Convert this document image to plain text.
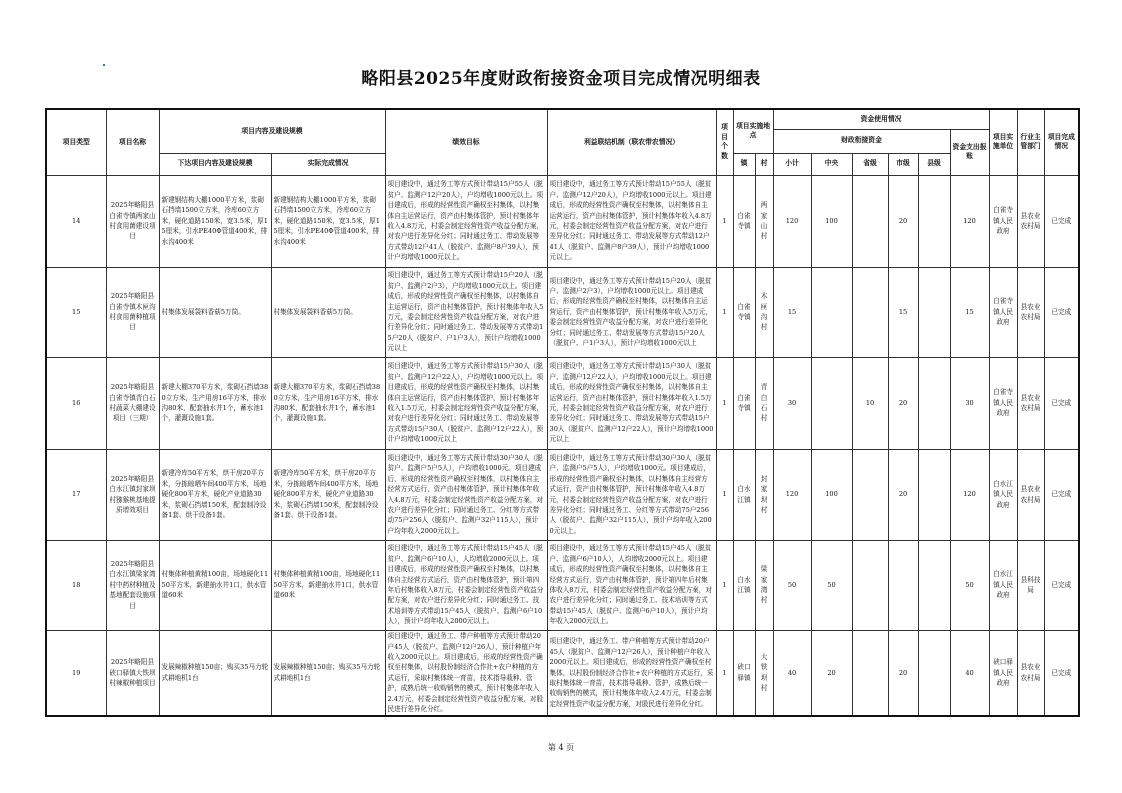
略阳县2025年度财政衔接资金项目完成情况明细表
项目类型	项目名称	项目内容及建设规模		绩效目标	利益联结机制（联农带农情况）	项目个数	项目实施地点		资金使用情况						项目实施单位	行业主管部门	项目完成情况
									财政衔接资金					资金支出报账			
		下达项目内容及建设规模	实际完成情况				镇	村	小计	中央	省级	市级	县级				
14	2025年略阳县白雀寺镇两家山村食用菌建设项目	新建钢结构大棚1000平方米，浆砌石挡墙1500立方米，冷库60立方米，硬化道路150米，宽3.5米，厚15厘米，引水PE40Φ管道400米，排水沟400米	新建钢结构大棚1000平方米，浆砌石挡墙1500立方米，冷库60立方米，硬化道路150米，宽3.5米，厚15厘米，引水PE40Φ管道400米，排水沟400米	项目建设中，通过务工等方式预计带动15户55人（脱贫户、监测户12户20人），户均增收1000元以上。项目建成后，形成的经营性资产确权至村集体，以村集体自主运营运行，资产由村集体管护，预计村集体年收入4.8万元，村委会制定经营性资产收益分配方案，对农户进行差异化分红；同时通过务工、带动发展等方式带动12户41人（脱贫户、监测户8户39人），预计户均增收1000元以上。	项目建设中，通过务工等方式预计带动15户55人（脱贫户、监测户12户20人），户均增收1000元以上。项目建成后，形成的经营性资产确权至村集体，以村集体自主运营运行，资产由村集体管护，预计村集体年收入4.8万元，村委会制定经营性资产收益分配方案，对农户进行差异化分红；同时通过务工、带动发展等方式带动12户41人（脱贫户、监测户8户39人），预计户均增收1000元以上。	1	白雀寺镇	两家山村	120	100		20		120	白雀寺镇人民政府	县农业农村局	已完成
15	2025年略阳县白雀寺镇木匣沟村食用菌种植项目	村集体发展袋料香菇5万筒。	村集体发展袋料香菇5万筒。	项目建设中，通过务工等方式预计带动15户20人（脱贫户、监测户2户3），户均增收1000元以上。项目建成后，形成的经营性资产确权至村集体，以村集体自主运营运行，资产由村集体管护，预计村集体年收入5万元，委会制定经营性资产收益分配方案，对农户进行差异化分红；同时通过务工、带动发展等方式带动15户20人（脱贫户、户1户3人），预计户均增收1000元以上	项目建设中，通过务工等方式预计带动15户20人（脱贫户、监测户2户3），户均增收1000元以上。项目建成后，形成的经营性资产确权至村集体，以村集体自主运营运行，资产由村集体管护，预计村集体年收入5万元，委会制定经营性资产收益分配方案，对农户进行差异化分红；同时通过务工、带动发展等方式带动15户20人（脱贫户、户1户3人），预计户均增收1000元以上	1	白雀寺镇	木匣沟村	15			15		15	白雀寺镇人民政府	县农业农村局	已完成
16	2025年略阳县白雀寺镇青白石村蔬菜大棚建设项目（三期）	新建大棚370平方米，浆砌石挡墙380立方米，生产用房16平方米，排水沟80米，配套抽水井1个，蓄水池1个，灌溉设施1套。	新建大棚370平方米，浆砌石挡墙380立方米，生产用房16平方米，排水沟80米，配套抽水井1个，蓄水池1个，灌溉设施1套。	项目建设中，通过务工等方式预计带动15户30人（脱贫户、监测户12户22人），户均增收1000元以上。项目建成后，形成的经营性资产确权至村集体，以村集体自主运营运行，资产由村集体管护，预计村集体年收入1.5万元，村委会制定经营性资产收益分配方案，对农户进行差异化分红；同时通过务工、带动发展等方式带动15户30人（脱贫户、监测户12户22人），预计户均增收1000元以上	项目建设中，通过务工等方式预计带动15户30人（脱贫户、监测户12户22人），户均增收1000元以上。项目建成后，形成的经营性资产确权至村集体，以村集体自主运营运行，资产由村集体管护，预计村集体年收入1.5万元，村委会制定经营性资产收益分配方案，对农户进行差异化分红；同时通过务工、带动发展等方式带动15户30人（脱贫户、监测户12户22人），预计户均增收1000元以上	1	白雀寺镇	青白石村	30		10	20		30	白雀寺镇人民政府	县农业农村局	已完成
17	2025年略阳县白水江镇封家坝村猕猴桃基地提质增效项目	新建冷库50平方米，烘干房20平方米，分拣晾晒车间400平方米，场地硬化800平方米，硬化产业道路30米，浆砌石挡墙150米，配套制冷设备1套、烘干设备1套。	新建冷库50平方米，烘干房20平方米，分拣晾晒车间400平方米，场地硬化800平方米，硬化产业道路30米，浆砌石挡墙150米，配套制冷设备1套、烘干设备1套。	项目建设中，通过务工等方式预计带动30户30人（脱贫户、监测户5户5人），户均增收1000元。项目建成后，形成的经营性资产确权至村集体，以村集体自主经营方式运行，资产由村集体管护，预计村集体年收入4.8万元，村委会制定经营性资产收益分配方案，对农户进行差异化分红；同时通过务工、分红等方式带动75户256人（脱贫户、监测户32户115人），预计户均年收入2000元以上。	项目建设中，通过务工等方式预计带动30户30人（脱贫户、监测户5户5人），户均增收1000元。项目建成后，形成的经营性资产确权至村集体，以村集体自主经营方式运行，资产由村集体管护，预计村集体年收入4.8万元，村委会制定经营性资产收益分配方案，对农户进行差异化分红；同时通过务工、分红等方式带动75户256人（脱贫户、监测户32户115人），预计户均年收入2000元以上。	1	白水江镇	封家坝村	120	100		20		120	白水江镇人民政府	县农业农村局	已完成
18	2025年略阳县白水江镇梁家湾村中药材种植及基地配套设施项目	村集体种植黄精100亩，场地硬化1150平方米，新建抽水井1口，供水管道60米	村集体种植黄精100亩，场地硬化1150平方米，新建抽水井1口，供水管道60米	项目建设中，通过务工等方式预计带动15户45人（脱贫户、监测户6户10人），人均增收2000元以上。项目建成后，形成的经营性资产确权至村集体，以村集体自主经营方式运行，资产由村集体管护，预计第四年后村集体收入8万元，村委会制定经营性资产收益分配方案，对农户进行差异化分红；同时通过务工、技术培训等方式带动15户45人（脱贫户、监测户6户10人），预计户均年收入2000元以上。	项目建设中，通过务工等方式预计带动15户45人（脱贫户、监测户6户10人），人均增收2000元以上。项目建成后，形成的经营性资产确权至村集体，以村集体自主经营方式运行，资产由村集体管护，预计第四年后村集体收入8万元，村委会制定经营性资产收益分配方案，对农户进行差异化分红；同时通过务工、技术培训等方式带动15户45人（脱贫户、监测户6户10人），预计户均年收入2000元以上。	1	白水江镇	梁家湾村	50	50				50	白水江镇人民政府	县科技局	已完成
19	2025年略阳县硖口驿镇大铁坝村辣椒种植项目	发展辣椒种植150亩；购买35马力轮式耕地机1台	发展辣椒种植150亩；购买35马力轮式耕地机1台	项目建设中，通过务工、带户种植等方式预计带动20户45人（脱贫户、监测户12户26人），预计种植户年收入2000元以上。项目建成后，形成的经营性资产确权至村集体，以村股份制经济合作社+农户种植的方式运行，采取村集体统一育苗，技术指导栽种、管护，成熟后统一收购销售的模式，预计村集体年收入2.4万元，村委会制定经营性资产收益分配方案，对股民进行差异化分红。	项目建设中，通过务工、带户种植等方式预计带动20户45人（脱贫户、监测户12户26人），预计种植户年收入2000元以上。项目建成后，形成的经营性资产确权至村集体，以村股份制经济合作社+农户种植的方式运行，采取村集体统一育苗，技术指导栽种、管护，成熟后统一收购销售的模式，预计村集体年收入2.4万元，村委会制定经营性资产收益分配方案，对股民进行差异化分红。	1	硖口驿镇	大铁坝村	40	20		20		40	硖口驿镇人民政府	县农业农村局	已完成
第 4 页
